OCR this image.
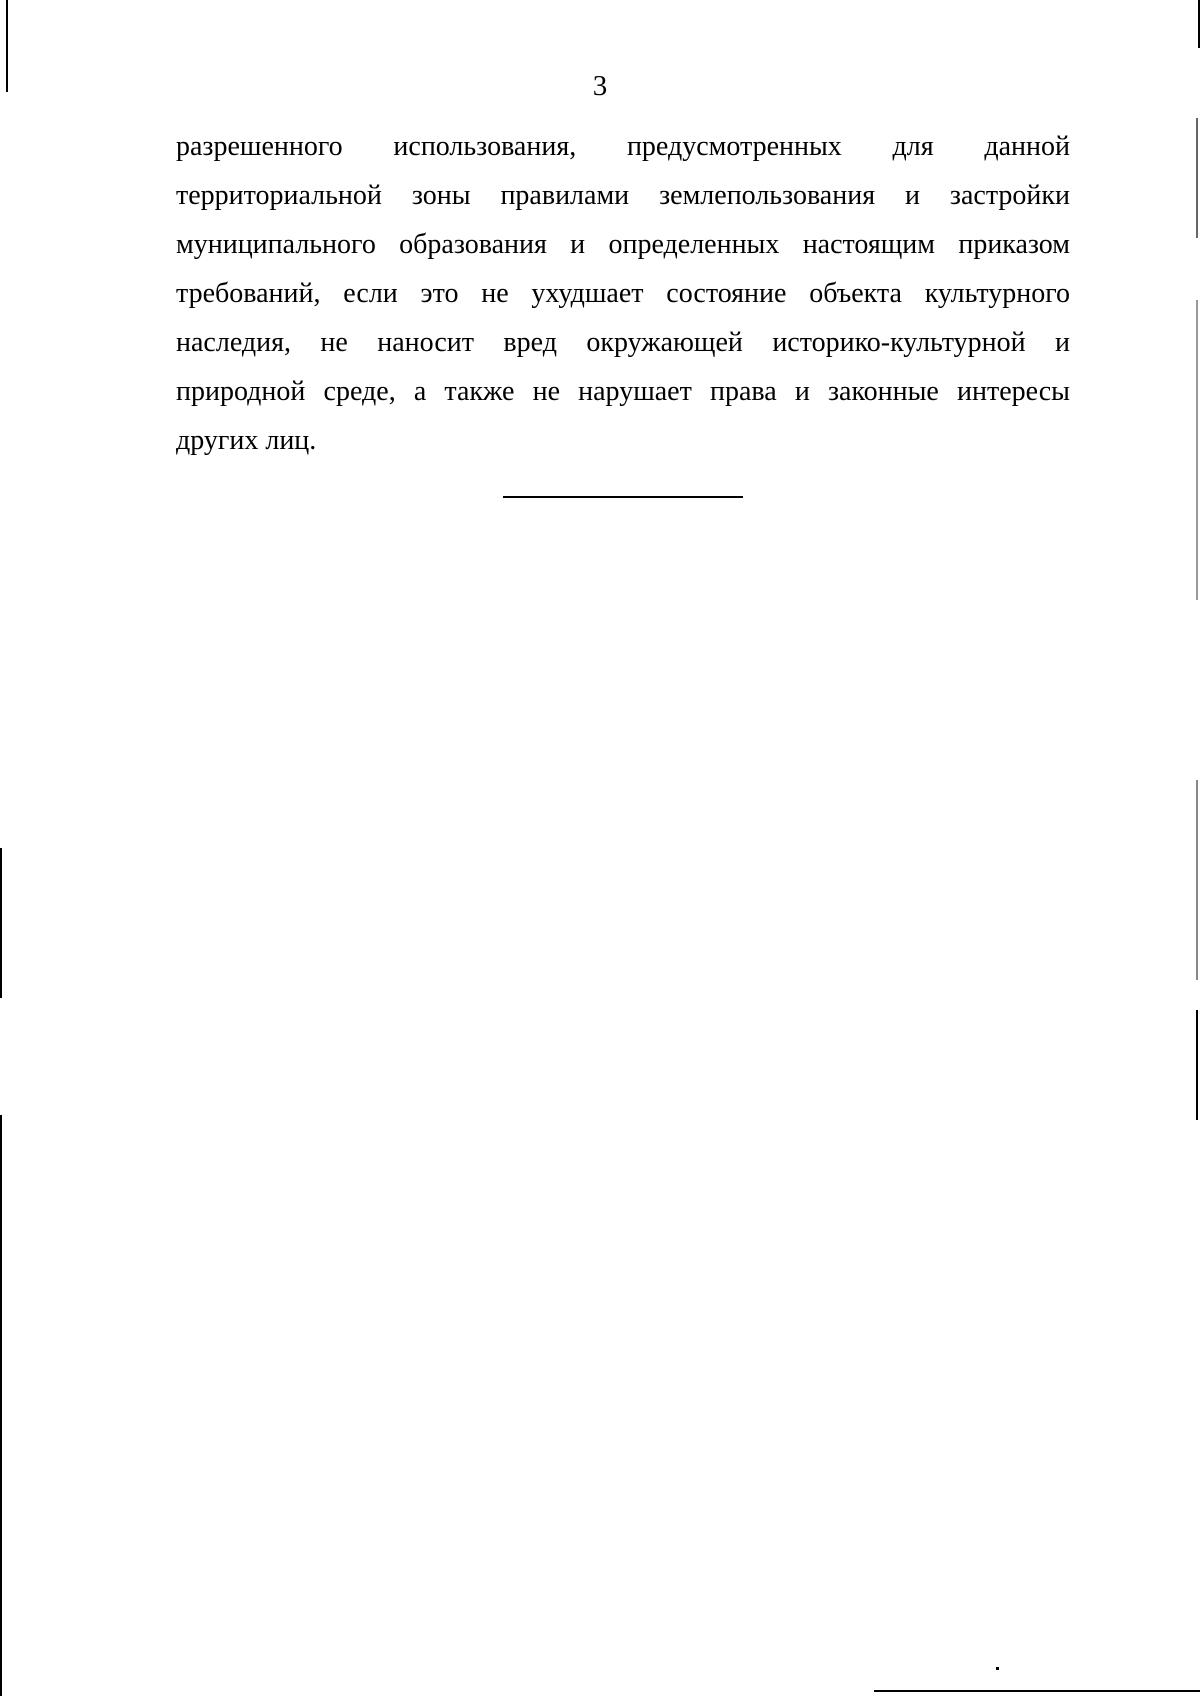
3
разрешенного использования, предусмотренных для данной
территориальной зоны правилами землепользования и застройки
муниципального образования и определенных настоящим приказом
требований, если это не ухудшает состояние объекта культурного
наследия, не наносит вред окружающей историко-культурной и
природной среде, а также не нарушает права и законные интересы
других лиц.
